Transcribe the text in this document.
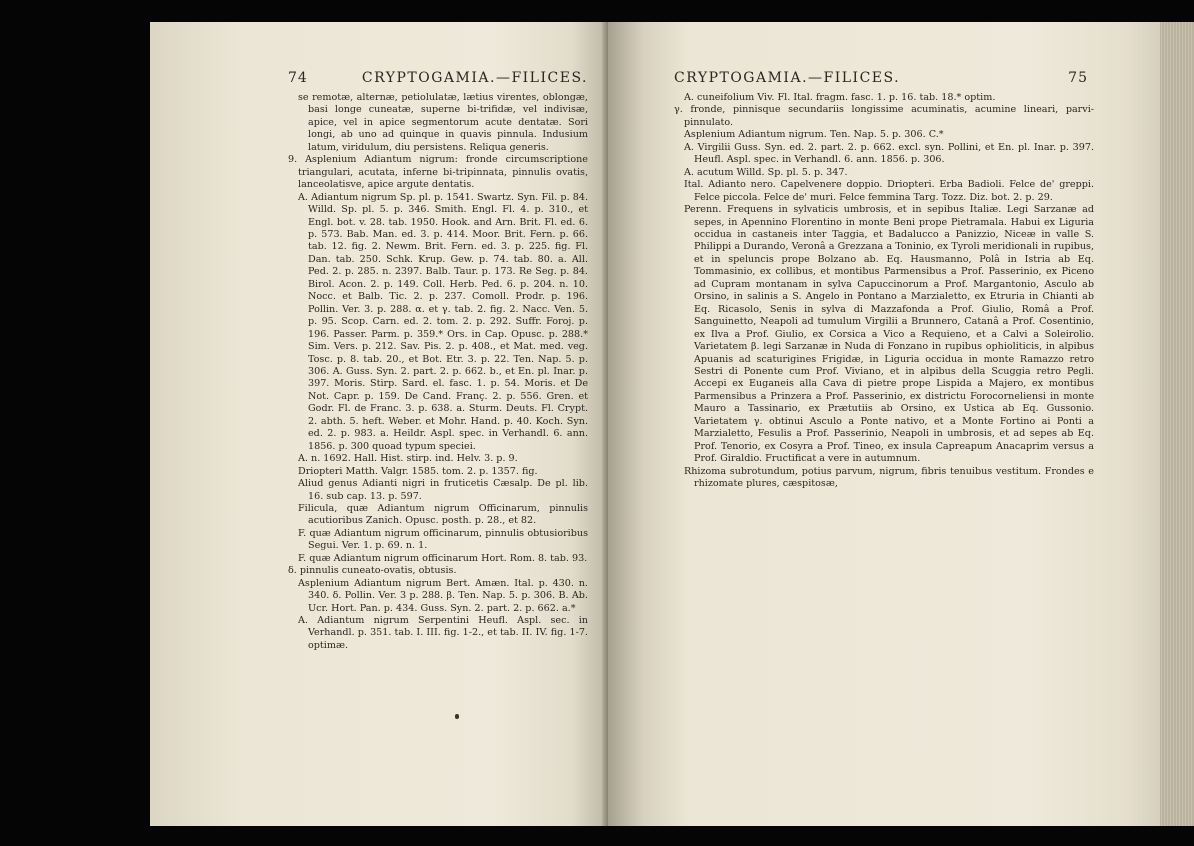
74	CRYPTOGAMIA.—FILICES.

se remotæ, alternæ, petiolulatæ, lætius virentes, oblongæ, basi longe cuneatæ, superne bi-trifidæ, vel indivisæ, apice, vel in apice segmentorum acute dentatæ. Sori longi, ab uno ad quinque in quavis pinnula. Indusium latum, viridulum, diu persistens. Reliqua generis.

9. Asplenium Adiantum nigrum: fronde circumscriptione triangulari, acutata, inferne bi-tripinnata, pinnulis ovatis, lanceolatisve, apice argute dentatis.

A. Adiantum nigrum Sp. pl. p. 1541. Swartz. Syn. Fil. p. 84. Willd. Sp. pl. 5. p. 346. Smith. Engl. Fl. 4. p. 310., et Engl. bot. v. 28. tab. 1950. Hook. and Arn. Brit. Fl. ed. 6. p. 573. Bab. Man. ed. 3. p. 414. Moor. Brit. Fern. p. 66. tab. 12. fig. 2. Newm. Brit. Fern. ed. 3. p. 225. fig. Fl. Dan. tab. 250. Schk. Krup. Gew. p. 74. tab. 80. a. All. Ped. 2. p. 285. n. 2397. Balb. Taur. p. 173. Re Seg. p. 84. Birol. Acon. 2. p. 149. Coll. Herb. Ped. 6. p. 204. n. 10. Nocc. et Balb. Tic. 2. p. 237. Comoll. Prodr. p. 196. Pollin. Ver. 3. p. 288. α. et γ. tab. 2. fig. 2. Nacc. Ven. 5. p. 95. Scop. Carn. ed. 2. tom. 2. p. 292. Suffr. Foroj. p. 196. Passer. Parm. p. 359.* Ors. in Cap. Opusc. p. 288.* Sim. Vers. p. 212. Sav. Pis. 2. p. 408., et Mat. med. veg. Tosc. p. 8. tab. 20., et Bot. Etr. 3. p. 22. Ten. Nap. 5. p. 306. A. Guss. Syn. 2. part. 2. p. 662. b., et En. pl. Inar. p. 397. Moris. Stirp. Sard. el. fasc. 1. p. 54. Moris. et De Not. Capr. p. 159. De Cand. Franç. 2. p. 556. Gren. et Godr. Fl. de Franc. 3. p. 638. a. Sturm. Deuts. Fl. Crypt. 2. abth. 5. heft. Weber. et Mohr. Hand. p. 40. Koch. Syn. ed. 2. p. 983. a. Heildr. Aspl. spec. in Verhandl. 6. ann. 1856. p. 300 quoad typum speciei.

A. n. 1692. Hall. Hist. stirp. ind. Helv. 3. p. 9.

Driopteri Matth. Valgr. 1585. tom. 2. p. 1357. fig.

Aliud genus Adianti nigri in fruticetis Cæsalp. De pl. lib. 16. sub cap. 13. p. 597.

Filicula, quæ Adiantum nigrum Officinarum, pinnulis acutioribus Zanich. Opusc. posth. p. 28., et 82.

F. quæ Adiantum nigrum officinarum, pinnulis obtusioribus Segui. Ver. 1. p. 69. n. 1.

F. quæ Adiantum nigrum officinarum Hort. Rom. 8. tab. 93.

δ. pinnulis cuneato-ovatis, obtusis.

Asplenium Adiantum nigrum Bert. Amæn. Ital. p. 430. n. 340. δ. Pollin. Ver. 3 p. 288. β. Ten. Nap. 5. p. 306. B. Ab. Ucr. Hort. Pan. p. 434. Guss. Syn. 2. part. 2. p. 662. a.*

A. Adiantum nigrum Serpentini Heufl. Aspl. sec. in Verhandl. p. 351. tab. I. III. fig. 1-2., et tab. II. IV. fig. 1-7. optimæ.

CRYPTOGAMIA.—FILICES.	75

A. cuneifolium Viv. Fl. Ital. fragm. fasc. 1. p. 16. tab. 18.* optim.

γ. fronde, pinnisque secundariis longissime acuminatis, acumine lineari, parvi-pinnulato.

Asplenium Adiantum nigrum. Ten. Nap. 5. p. 306. C.*

A. Virgilii Guss. Syn. ed. 2. part. 2. p. 662. excl. syn. Pollini, et En. pl. Inar. p. 397. Heufl. Aspl. spec. in Verhandl. 6. ann. 1856. p. 306.

A. acutum Willd. Sp. pl. 5. p. 347.

Ital. Adianto nero. Capelvenere doppio. Driopteri. Erba Badioli. Felce de' greppi. Felce piccola. Felce de' muri. Felce femmina Targ. Tozz. Diz. bot. 2. p. 29.

Perenn. Frequens in sylvaticis umbrosis, et in sepibus Italiæ. Legi Sarzanæ ad sepes, in Apennino Florentino in monte Beni prope Pietramala. Habui ex Liguria occidua in castaneis inter Taggia, et Badalucco a Panizzio, Niceæ in valle S. Philippi a Durando, Veronâ a Grezzana a Toninio, ex Tyroli meridionali in rupibus, et in speluncis prope Bolzano ab. Eq. Hausmanno, Polâ in Istria ab Eq. Tommasinio, ex collibus, et montibus Parmensibus a Prof. Passerinio, ex Piceno ad Cupram montanam in sylva Capuccinorum a Prof. Margantonio, Asculo ab Orsino, in salinis a S. Angelo in Pontano a Marzialetto, ex Etruria in Chianti ab Eq. Ricasolo, Senis in sylva di Mazzafonda a Prof. Giulio, Româ a Prof. Sanguinetto, Neapoli ad tumulum Virgilii a Brunnero, Catanâ a Prof. Cosentinio, ex Ilva a Prof. Giulio, ex Corsica a Vico a Requieno, et a Calvi a Soleirolio. Varietatem β. legi Sarzanæ in Nuda di Fonzano in rupibus ophioliticis, in alpibus Apuanis ad scaturigines Frigidæ, in Liguria occidua in monte Ramazzo retro Sestri di Ponente cum Prof. Viviano, et in alpibus della Scuggia retro Pegli. Accepi ex Euganeis alla Cava di pietre prope Lispida a Majero, ex montibus Parmensibus a Prinzera a Prof. Passerinio, ex districtu Forocorneliensi in monte Mauro a Tassinario, ex Prætutiis ab Orsino, ex Ustica ab Eq. Gussonio. Varietatem γ. obtinui Asculo a Ponte nativo, et a Monte Fortino ai Ponti a Marzialetto, Fesulis a Prof. Passerinio, Neapoli in umbrosis, et ad sepes ab Eq. Prof. Tenorio, ex Cosyra a Prof. Tineo, ex insula Capreарum Anacaprim versus a Prof. Giraldio. Fructificat a vere in autumnum.

Rhizoma subrotundum, potius parvum, nigrum, fibris tenuibus vestitum. Frondes e rhizomate plures, cæspitosæ,
